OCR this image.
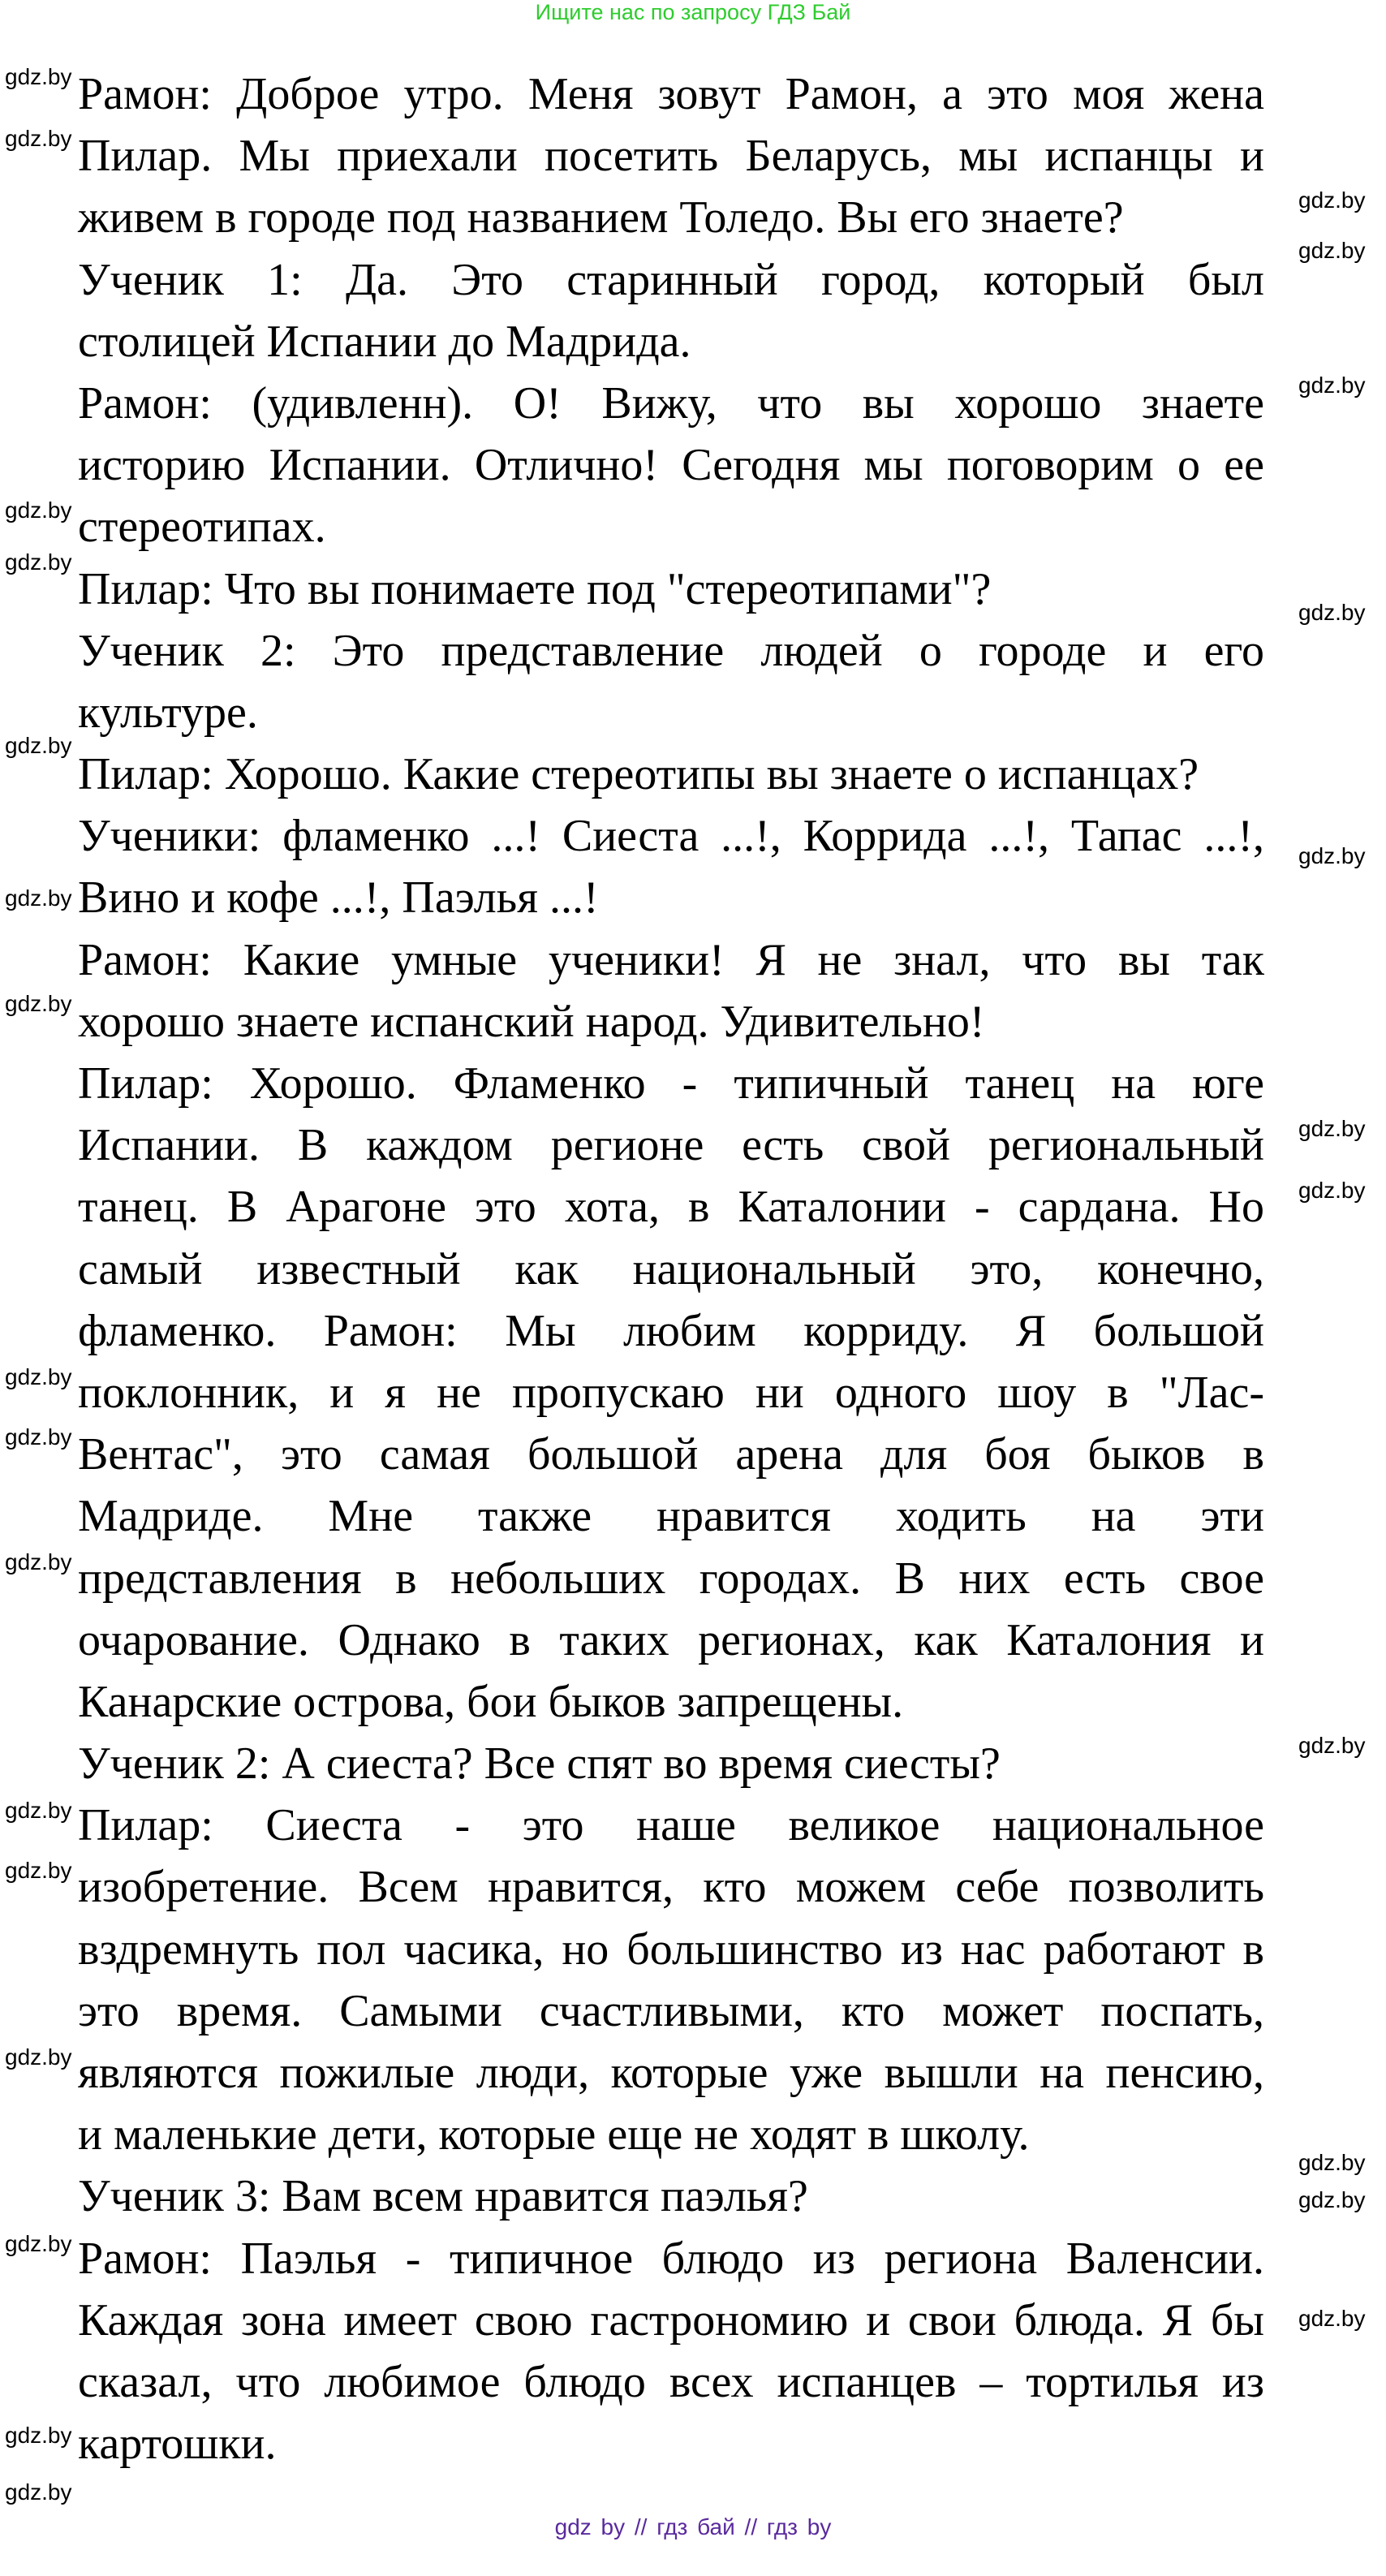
Ищите нас по запросу ГДЗ Бай
Рамон: Доброе утро. Меня зовут Рамон, а это моя жена
Пилар. Мы приехали посетить Беларусь, мы испанцы и
живем в городе под названием Толедо. Вы его знаете?
Ученик 1: Да. Это старинный город, который был
столицей Испании до Мадрида.
Рамон: (удивленн). О! Вижу, что вы хорошо знаете
историю Испании. Отлично! Сегодня мы поговорим о ее
стереотипах.
Пилар: Что вы понимаете под "стереотипами"?
Ученик 2: Это представление людей о городе и его
культуре.
Пилар: Хорошо. Какие стереотипы вы знаете о испанцах?
Ученики: фламенко ...! Сиеста ...!, Коррида ...!, Тапас ...!,
Вино и кофе ...!, Паэлья ...!
Рамон: Какие умные ученики! Я не знал, что вы так
хорошо знаете испанский народ. Удивительно!
Пилар: Хорошо. Фламенко - типичный танец на юге
Испании. В каждом регионе есть свой региональный
танец. В Арагоне это хота, в Каталонии - сардана. Но
самый известный как национальный это, конечно,
фламенко. Рамон: Мы любим корриду. Я большой
поклонник, и я не пропускаю ни одного шоу в "Лас-
Вентас", это самая большой арена для боя быков в
Мадриде. Мне также нравится ходить на эти
представления в небольших городах. В них есть свое
очарование. Однако в таких регионах, как Каталония и
Канарские острова, бои быков запрещены.
Ученик 2: А сиеста? Все спят во время сиесты?
Пилар: Сиеста - это наше великое национальное
изобретение. Всем нравится, кто можем себе позволить
вздремнуть пол часика, но большинство из нас работают в
это время. Самыми счастливыми, кто может поспать,
являются пожилые люди, которые уже вышли на пенсию,
и маленькие дети, которые еще не ходят в школу.
Ученик 3: Вам всем нравится паэлья?
Рамон: Паэлья - типичное блюдо из региона Валенсии.
Каждая зона имеет свою гастрономию и свои блюда. Я бы
сказал, что любимое блюдо всех испанцев – тортилья из
картошки.
gdz.by
gdz.by
gdz.by
gdz.by
gdz.by
gdz.by
gdz.by
gdz.by
gdz.by
gdz.by
gdz.by
gdz.by
gdz.by
gdz.by
gdz.by
gdz.by
gdz.by
gdz.by
gdz.by
gdz.by
gdz.by
gdz.by
gdz.by
gdz.by
gdz.by
gdz.by
gdz.by
gdz by // гдз бай // гдз by
